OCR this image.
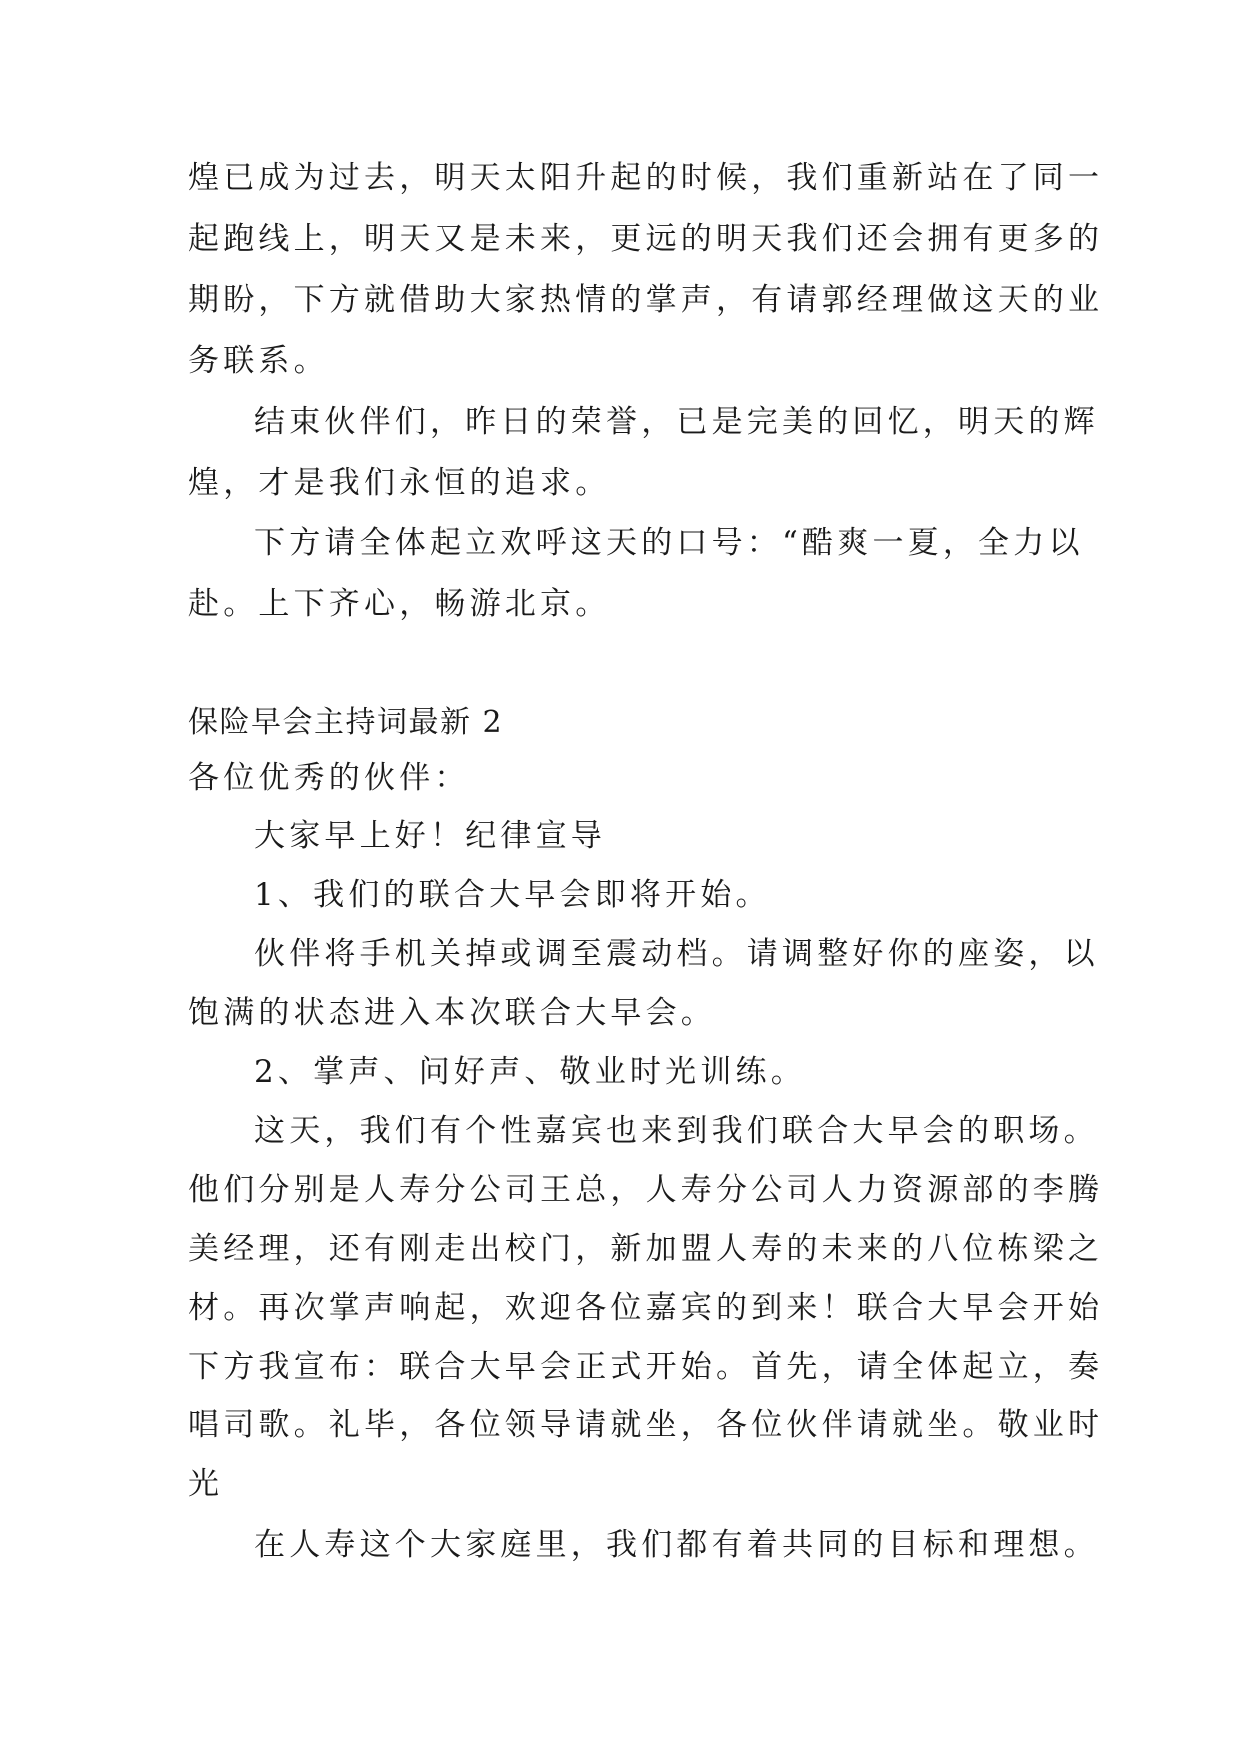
煌已成为过去，明天太阳升起的时候，我们重新站在了同一
起跑线上，明天又是未来，更远的明天我们还会拥有更多的
期盼，下方就借助大家热情的掌声，有请郭经理做这天的业
务联系。
结束伙伴们，昨日的荣誉，已是完美的回忆，明天的辉
煌，才是我们永恒的追求。
下方请全体起立欢呼这天的口号：“酷爽一夏，全力以
赴。上下齐心，畅游北京。
保险早会主持词最新 2
各位优秀的伙伴：
大家早上好！纪律宣导
1、我们的联合大早会即将开始。
伙伴将手机关掉或调至震动档。请调整好你的座姿，以
饱满的状态进入本次联合大早会。
2、掌声、问好声、敬业时光训练。
这天，我们有个性嘉宾也来到我们联合大早会的职场。
他们分别是人寿分公司王总，人寿分公司人力资源部的李腾
美经理，还有刚走出校门，新加盟人寿的未来的八位栋梁之
材。再次掌声响起，欢迎各位嘉宾的到来！联合大早会开始
下方我宣布：联合大早会正式开始。首先，请全体起立，奏
唱司歌。礼毕，各位领导请就坐，各位伙伴请就坐。敬业时
光
在人寿这个大家庭里，我们都有着共同的目标和理想。
